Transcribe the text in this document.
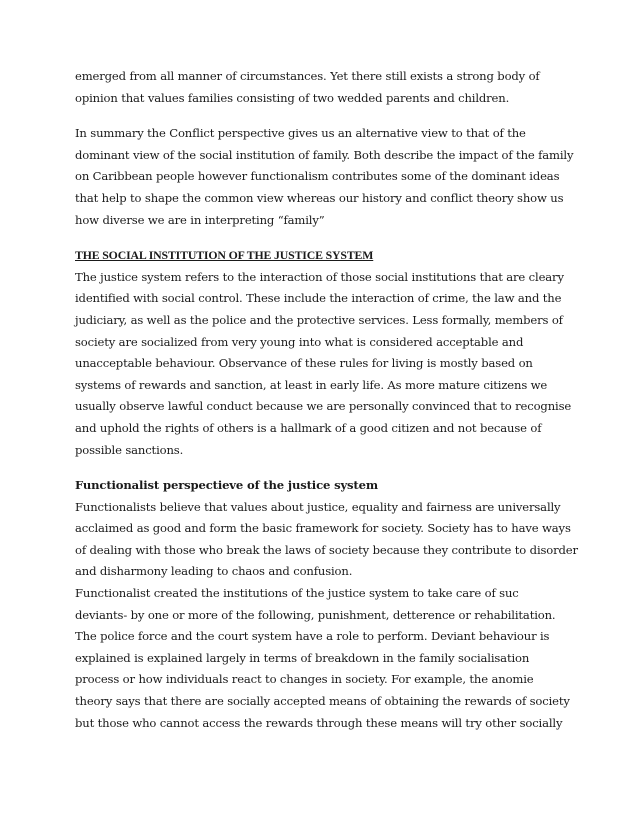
emerged from all manner of circumstances. Yet there still exists a strong body of
opinion that values families consisting of two wedded parents and children.
In summary the Conflict perspective gives us an alternative view to that of the
dominant view of the social institution of family. Both describe the impact of the family
on Caribbean people however functionalism contributes some of the dominant ideas
that help to shape the common view whereas our history and conflict theory show us
how diverse we are in interpreting “family”
THE SOCIAL INSTITUTION OF THE JUSTICE SYSTEM
The justice system refers to the interaction of those social institutions that are cleary
identified with social control. These include the interaction of crime, the law and the
judiciary, as well as the police and the protective services. Less formally, members of
society are socialized from very young into what is considered acceptable and
unacceptable behaviour. Observance of these rules for living is mostly based on
systems of rewards and sanction, at least in early life. As more mature citizens we
usually observe lawful conduct because we are personally convinced that to recognise
and uphold the rights of others is a hallmark of a good citizen and not because of
possible sanctions.
Functionalist perspectieve of the justice system
Functionalists believe that values about justice, equality and fairness are universally
acclaimed as good and form the basic framework for society. Society has to have ways
of dealing with those who break the laws of society because they contribute to disorder
and disharmony leading to chaos and confusion.
Functionalist created the institutions of the justice system to take care of suc
deviants- by one or more of the following, punishment, detterence or rehabilitation.
The police force and the court system have a role to perform. Deviant behaviour is
explained is explained largely in terms of breakdown in the family socialisation
process or how individuals react to changes in society. For example, the anomie
theory says that there are socially accepted means of obtaining the rewards of society
but those who cannot access the rewards through these means will try other socially
